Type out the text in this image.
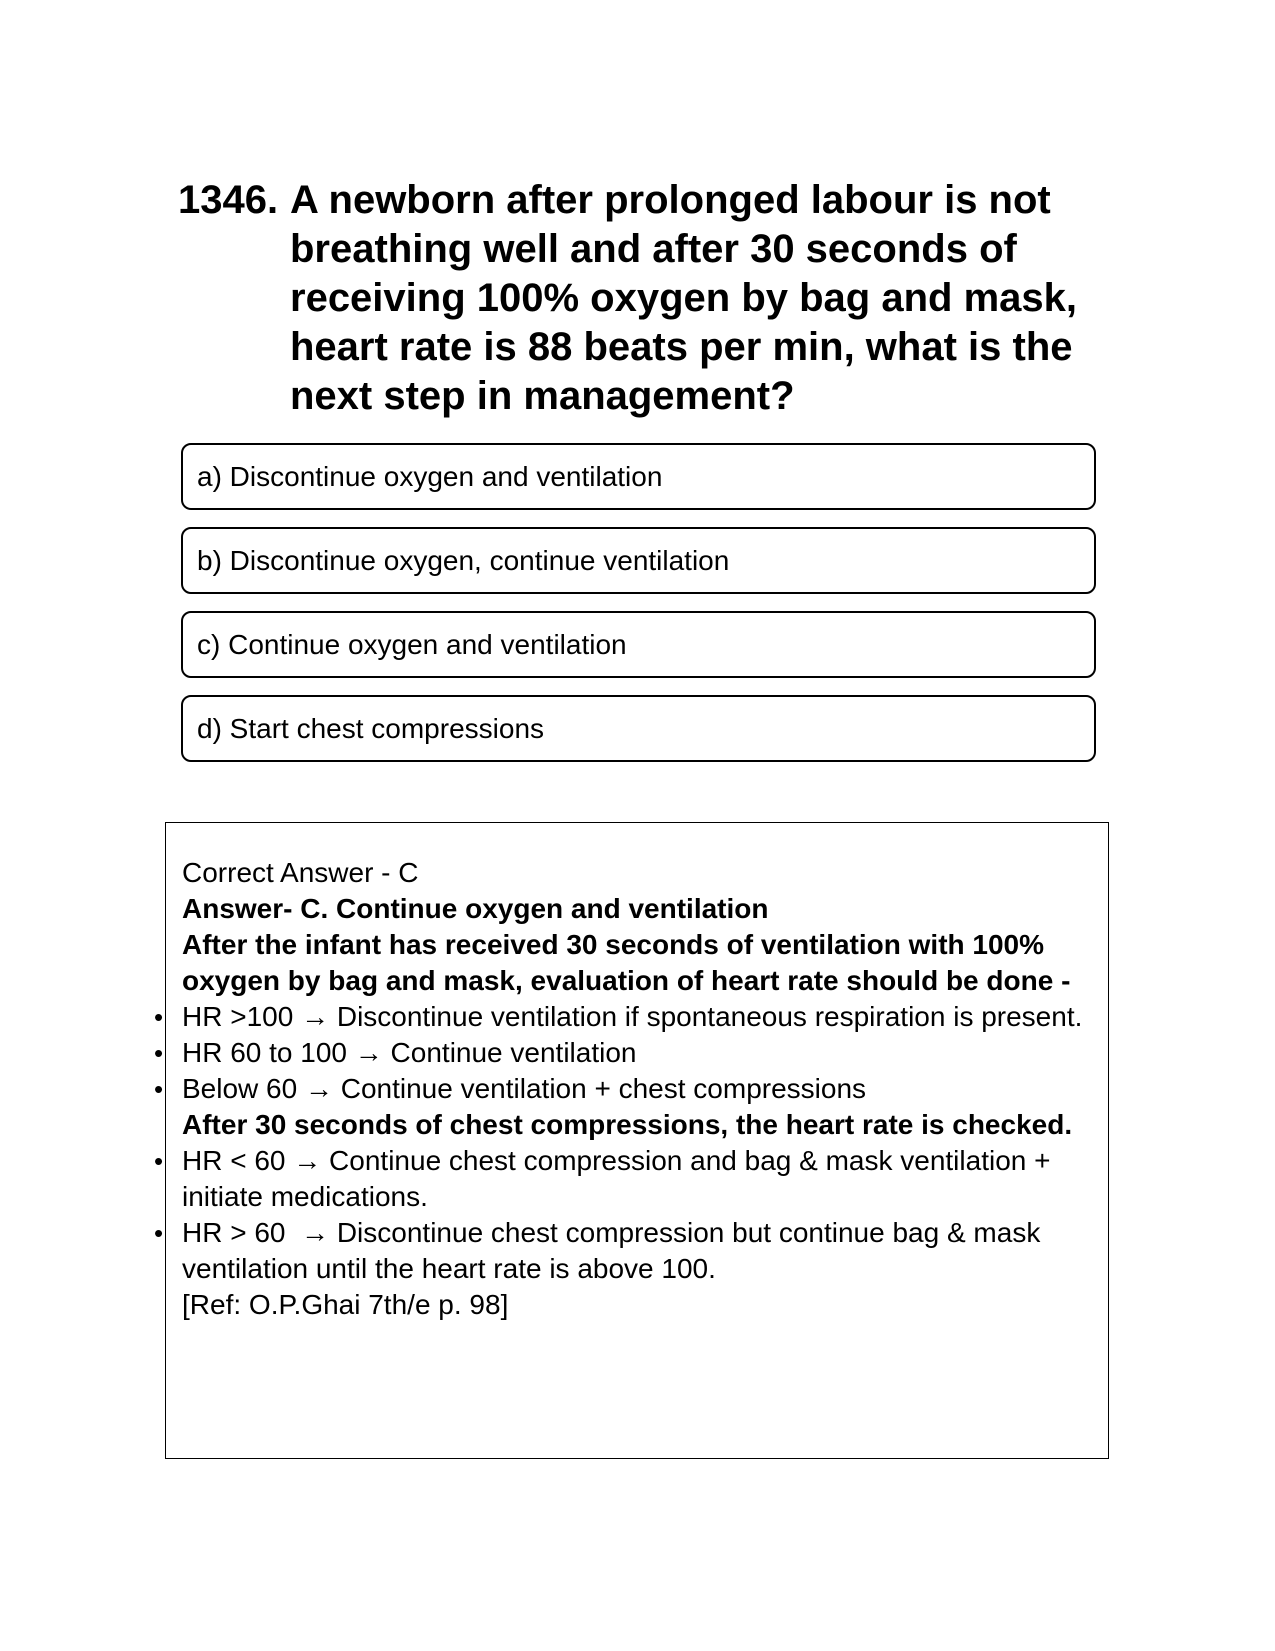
1346. A newborn after prolonged labour is not breathing well and after 30 seconds of receiving 100% oxygen by bag and mask, heart rate is 88 beats per min, what is the next step in management?
a) Discontinue oxygen and ventilation
b) Discontinue oxygen, continue ventilation
c) Continue oxygen and ventilation
d) Start chest compressions

Correct Answer - C

Answer- C. Continue oxygen and ventilation

After the infant has received 30 seconds of ventilation with 100% oxygen by bag and mask, evaluation of heart rate should be done -

• HR >100 → Discontinue ventilation if spontaneous respiration is present.
• HR 60 to 100 → Continue ventilation
• Below 60 → Continue ventilation + chest compressions

After 30 seconds of chest compressions, the heart rate is checked.

• HR < 60 → Continue chest compression and bag & mask ventilation + initiate medications.
• HR > 60  → Discontinue chest compression but continue bag & mask ventilation until the heart rate is above 100.

[Ref: O.P.Ghai 7th/e p. 98]
